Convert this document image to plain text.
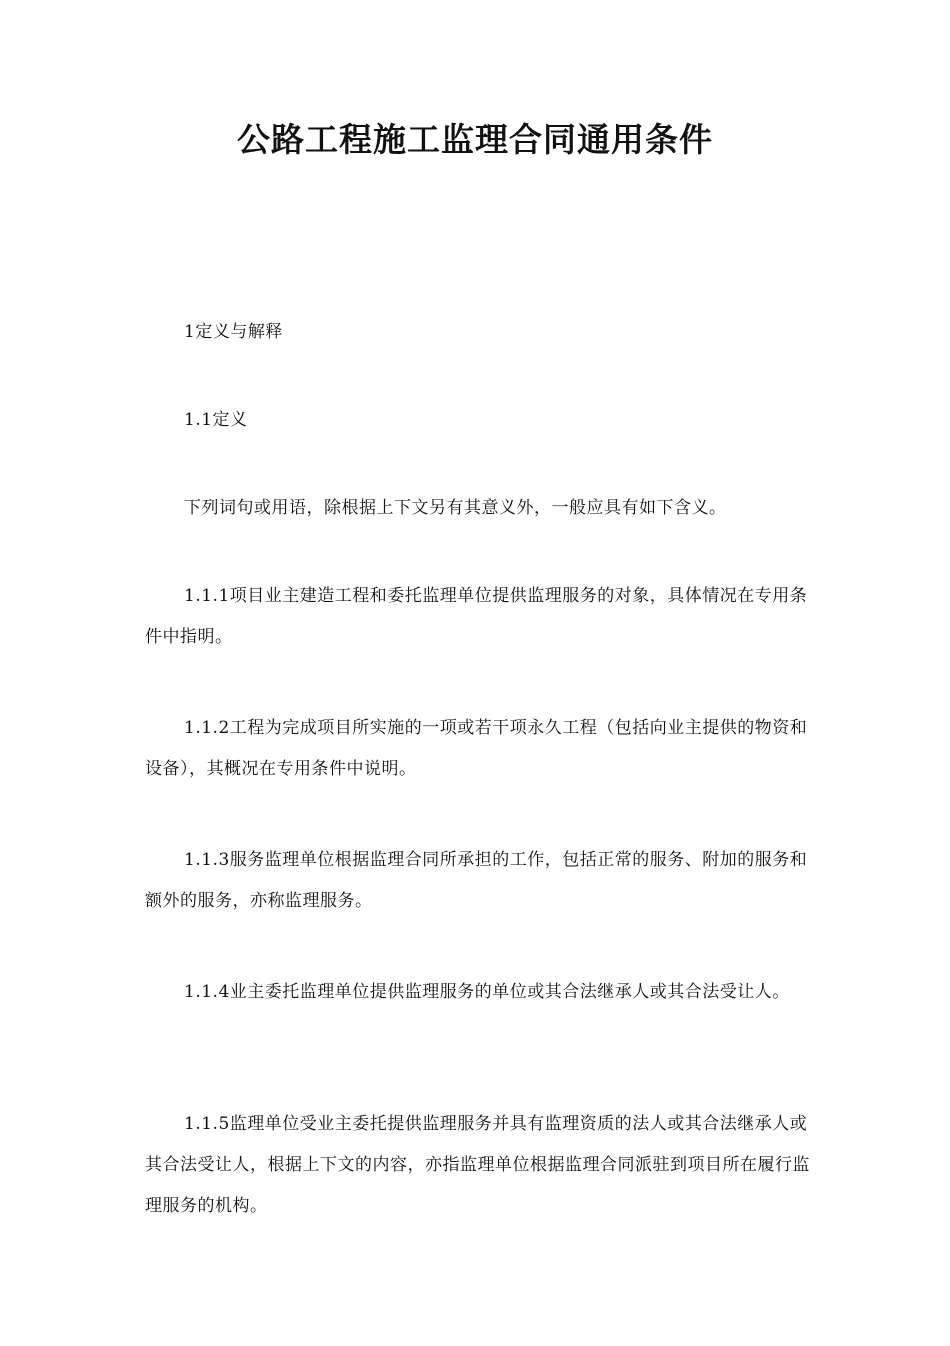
公路工程施工监理合同通用条件

1定义与解释

1.1定义

下列词句或用语，除根据上下文另有其意义外，一般应具有如下含义。

1.1.1项目业主建造工程和委托监理单位提供监理服务的对象，具体情况在专用条件中指明。

1.1.2工程为完成项目所实施的一项或若干项永久工程（包括向业主提供的物资和设备），其概况在专用条件中说明。

1.1.3服务监理单位根据监理合同所承担的工作，包括正常的服务、附加的服务和额外的服务，亦称监理服务。

1.1.4业主委托监理单位提供监理服务的单位或其合法继承人或其合法受让人。

1.1.5监理单位受业主委托提供监理服务并具有监理资质的法人或其合法继承人或其合法受让人，根据上下文的内容，亦指监理单位根据监理合同派驻到项目所在履行监理服务的机构。
